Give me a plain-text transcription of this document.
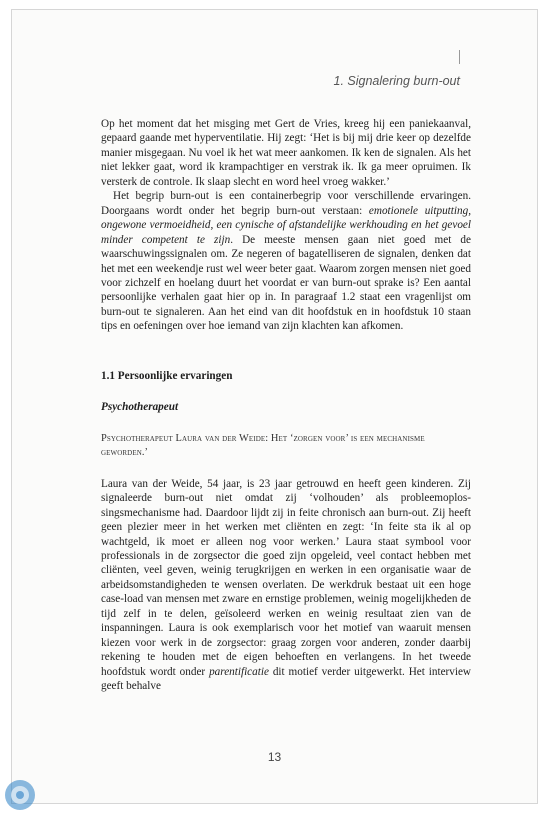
1. Signalering burn-out

Op het moment dat het misging met Gert de Vries, kreeg hij een paniekaanval, gepaard gaande met hyperventilatie. Hij zegt: ‘Het is bij mij drie keer op dezelfde manier misgegaan. Nu voel ik het wat meer aankomen. Ik ken de signalen. Als het niet lekker gaat, word ik krampachtiger en verstrak ik. Ik ga meer opruimen. Ik versterk de controle. Ik slaap slecht en word heel vroeg wakker.’

Het begrip burn-out is een containerbegrip voor verschillende ervaringen. Doorgaans wordt onder het begrip burn-out verstaan: emotionele uitputting, ongewone vermoeidheid, een cynische of afstandelijke werkhouding en het gevoel minder competent te zijn. De meeste mensen gaan niet goed met de waarschuwingssignalen om. Ze negeren of bagatelliseren de signalen, denken dat het met een weekendje rust wel weer beter gaat. Waarom zorgen mensen niet goed voor zichzelf en hoelang duurt het voordat er van burn-out sprake is? Een aantal persoonlijke verhalen gaat hier op in. In paragraaf 1.2 staat een vragenlijst om burn-out te signaleren. Aan het eind van dit hoofdstuk en in hoofdstuk 10 staan tips en oefeningen over hoe iemand van zijn klachten kan afkomen.

1.1 Persoonlijke ervaringen

Psychotherapeut

Psychotherapeut Laura van der Weide: Het ‘zorgen voor’ is een mechanisme geworden.’

Laura van der Weide, 54 jaar, is 23 jaar getrouwd en heeft geen kinderen. Zij signaleerde burn-out niet omdat zij ‘volhouden’ als probleemoplossingsmechanisme had. Daardoor lijdt zij in feite chronisch aan burn-out. Zij heeft geen plezier meer in het werken met cliënten en zegt: ‘In feite sta ik al op wachtgeld, ik moet er alleen nog voor werken.’ Laura staat symbool voor professionals in de zorgsector die goed zijn opgeleid, veel contact hebben met cliënten, veel geven, weinig terugkrijgen en werken in een organisatie waar de arbeidsomstandigheden te wensen overlaten. De werkdruk bestaat uit een hoge case-load van mensen met zware en ernstige problemen, weinig mogelijkheden de tijd zelf in te delen, geïsoleerd werken en weinig resultaat zien van de inspanningen. Laura is ook exemplarisch voor het motief van waaruit mensen kiezen voor werk in de zorgsector: graag zorgen voor anderen, zonder daarbij rekening te houden met de eigen behoeften en verlangens. In het tweede hoofdstuk wordt onder parentificatie dit motief verder uitgewerkt. Het interview geeft behalve

13
